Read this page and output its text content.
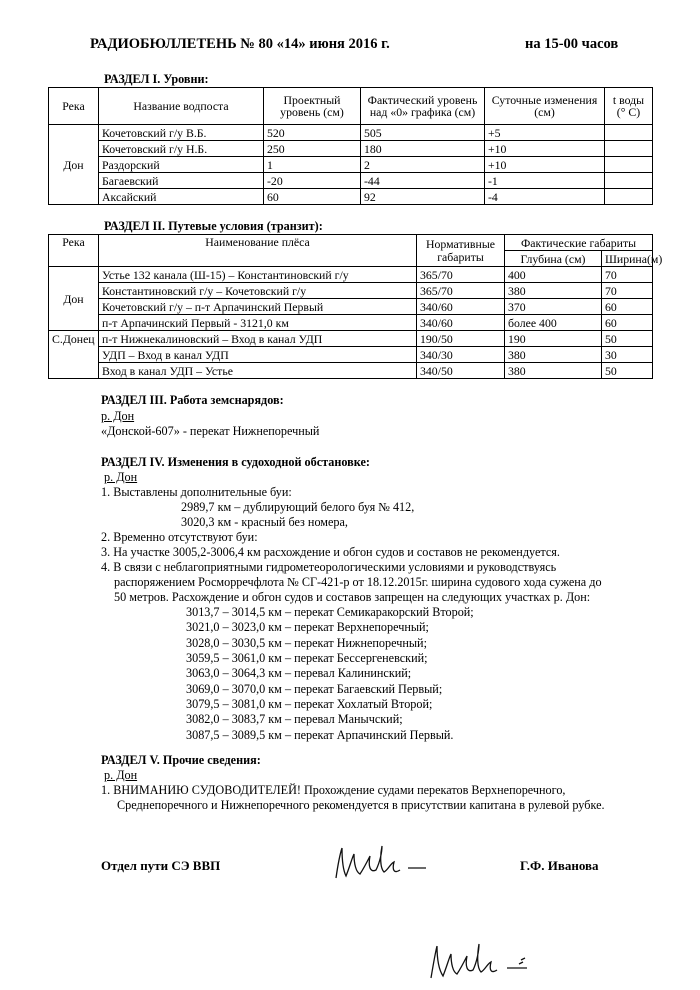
РАДИОБЮЛЛЕТЕНЬ № 80 «14» июня 2016 г.	на 15-00 часов
РАЗДЕЛ I. Уровни:
Река	Название водпоста	Проектный уровень (см)	Фактический уровень над «0» графика (см)	Суточные изменения (см)	t воды (° С)
Дон	Кочетовский г/у В.Б.	520	505	+5	
	Кочетовский г/у Н.Б.	250	180	+10	
	Раздорский	1	2	+10	
	Багаевский	-20	-44	-1	
	Аксайский	60	92	-4	
РАЗДЕЛ II. Путевые условия (транзит):
Река	Наименование плёса	Нормативные габариты	Фактические габариты	
			Глубина (см)	Ширина(м)
Дон	Устье 132 канала (Ш-15) – Константиновский г/у	365/70	400	70
	Константиновский г/у – Кочетовский г/у	365/70	380	70
	Кочетовский г/у – п-т Арпачинский Первый	340/60	370	60
	п-т Арпачинский Первый - 3121,0 км	340/60	более 400	60
С.Донец	п-т Нижнекалиновский – Вход в канал УДП	190/50	190	50
	УДП – Вход в канал УДП	340/30	380	30
	Вход в канал УДП – Устье	340/50	380	50
РАЗДЕЛ III. Работа земснарядов:
р. Дон
«Донской-607» - перекат Нижнепоречный
РАЗДЕЛ IV. Изменения в судоходной обстановке:
р. Дон
1. Выставлены дополнительные буи:
2989,7 км – дублирующий белого буя № 412,
3020,3 км - красный без номера,
2. Временно отсутствуют буи:
3. На участке 3005,2-3006,4 км расхождение и обгон судов и составов не рекомендуется.
4. В связи с неблагоприятными гидрометеорологическими условиями и руководствуясь
распоряжением Росморречфлота № СГ-421-р от 18.12.2015г. ширина судового хода сужена до
50 метров. Расхождение и обгон судов и составов запрещен на следующих участках р. Дон:
3013,7 – 3014,5 км – перекат Семикаракорский Второй;
3021,0 – 3023,0 км – перекат Верхнепоречный;
3028,0 – 3030,5 км – перекат Нижнепоречный;
3059,5 – 3061,0 км – перекат Бессергеневский;
3063,0 – 3064,3 км – перевал Калининский;
3069,0 – 3070,0 км – перекат Багаевский Первый;
3079,5 – 3081,0 км – перекат Хохлатый Второй;
3082,0 – 3083,7 км – перевал Манычский;
3087,5 – 3089,5 км – перекат Арпачинский Первый.
РАЗДЕЛ V. Прочие сведения:
р. Дон
1. ВНИМАНИЮ СУДОВОДИТЕЛЕЙ! Прохождение судами перекатов Верхнепоречного,
Среднепоречного и Нижнепоречного рекомендуется в присутствии капитана в рулевой рубке.
Отдел пути СЭ ВВП	Г.Ф. Иванова
